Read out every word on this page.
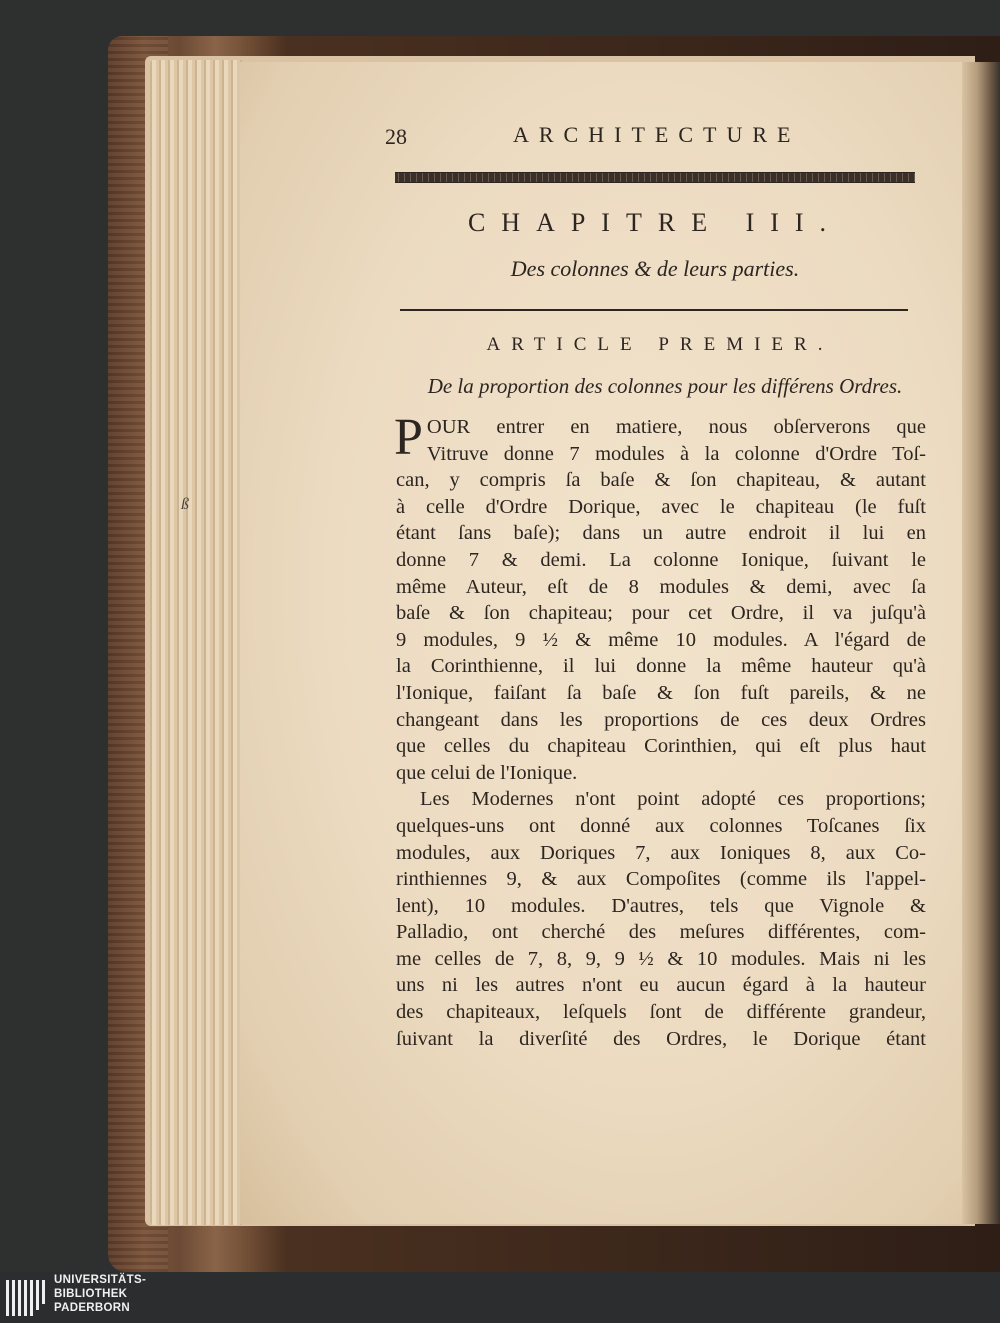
ß
28	ARCHITECTURE
CHAPITRE III.
Des colonnes & de leurs parties.
ARTICLE PREMIER.
De la proportion des colonnes pour les différens Ordres.
P OUR entrer en matiere, nous obſerverons que
Vitruve donne 7 modules à la colonne d'Ordre Toſ-
can, y compris ſa baſe & ſon chapiteau, & autant
à celle d'Ordre Dorique, avec le chapiteau (le fuſt
étant ſans baſe); dans un autre endroit il lui en
donne 7 & demi. La colonne Ionique, ſuivant le
même Auteur, eſt de 8 modules & demi, avec ſa
baſe & ſon chapiteau; pour cet Ordre, il va juſqu'à
9 modules, 9 ½ & même 10 modules. A l'égard de
la Corinthienne, il lui donne la même hauteur qu'à
l'Ionique, faiſant ſa baſe & ſon fuſt pareils, & ne
changeant dans les proportions de ces deux Ordres
que celles du chapiteau Corinthien, qui eſt plus haut
que celui de l'Ionique.
Les Modernes n'ont point adopté ces proportions;
quelques-uns ont donné aux colonnes Toſcanes ſix
modules, aux Doriques 7, aux Ioniques 8, aux Co-
rinthiennes 9, & aux Compoſites (comme ils l'appel-
lent), 10 modules. D'autres, tels que Vignole &
Palladio, ont cherché des meſures différentes, com-
me celles de 7, 8, 9, 9 ½ & 10 modules. Mais ni les
uns ni les autres n'ont eu aucun égard à la hauteur
des chapiteaux, leſquels ſont de différente grandeur,
ſuivant la diverſité des Ordres, le Dorique étant
UNIVERSITÄTS-
BIBLIOTHEK
PADERBORN
